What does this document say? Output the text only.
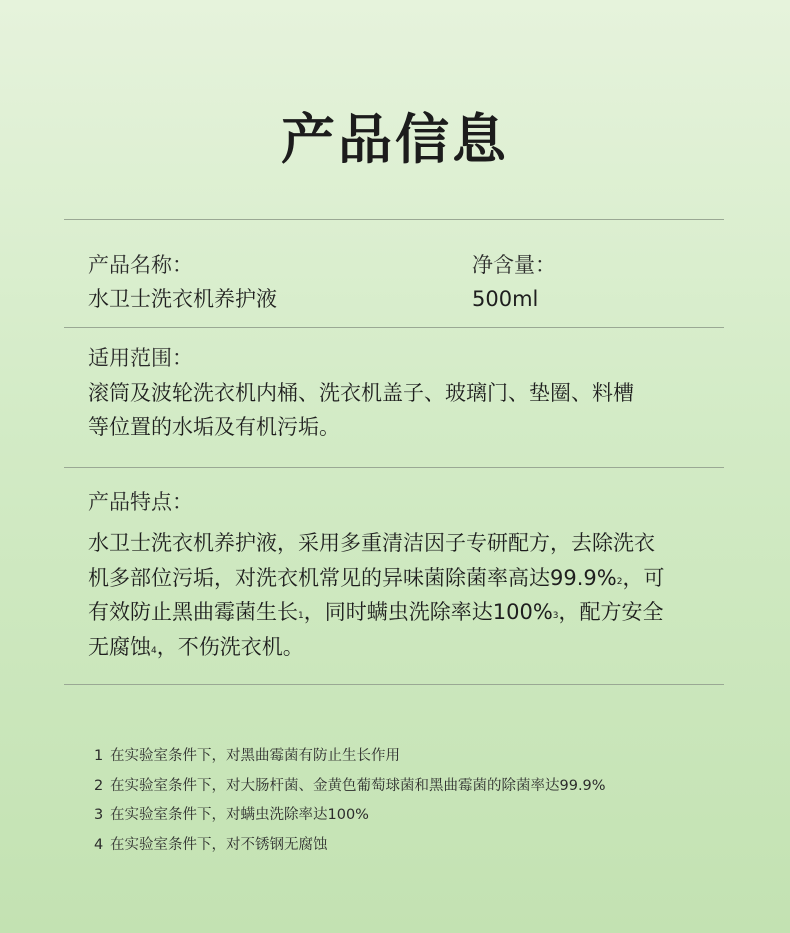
产品信息
产品名称：
水卫士洗衣机养护液
净含量：
500ml
适用范围：
滚筒及波轮洗衣机内桶、洗衣机盖子、玻璃门、垫圈、料槽
等位置的水垢及有机污垢。
产品特点：
水卫士洗衣机养护液，采用多重清洁因子专研配方，去除洗衣
机多部位污垢，对洗衣机常见的异味菌除菌率高达99.9%$^2$，可
有效防止黑曲霉菌生长$^1$，同时螨虫洗除率达100%$^3$，配方安全
无腐蚀$^4$，不伤洗衣机。
1 在实验室条件下，对黑曲霉菌有防止生长作用
2 在实验室条件下，对大肠杆菌、金黄色葡萄球菌和黑曲霉菌的除菌率达99.9%
3 在实验室条件下，对螨虫洗除率达100%
4 在实验室条件下，对不锈钢无腐蚀
